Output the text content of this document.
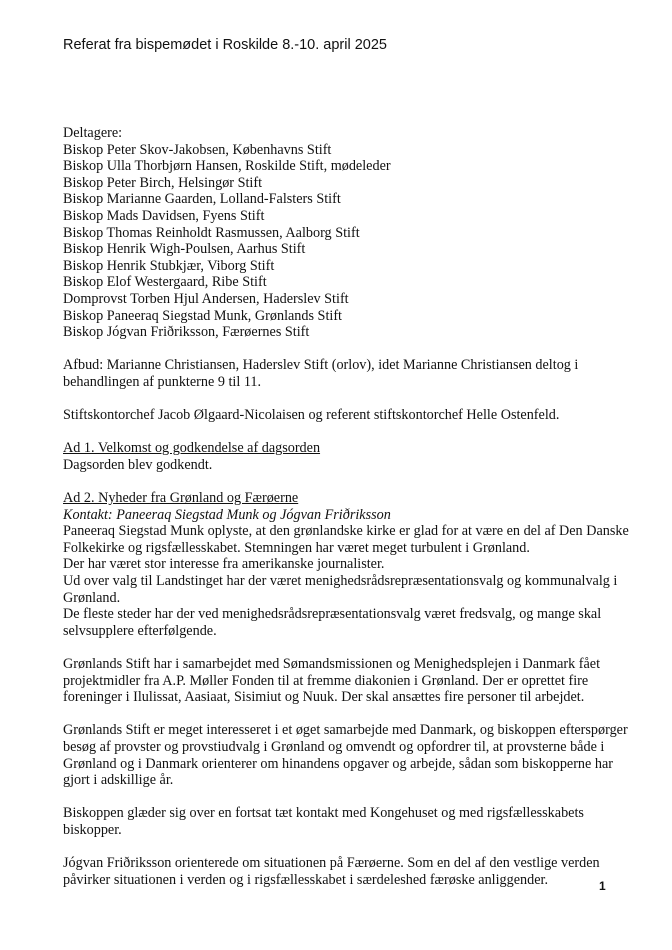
Referat fra bispemødet i Roskilde 8.-10. april 2025
Deltagere:
Biskop Peter Skov-Jakobsen, Københavns Stift
Biskop Ulla Thorbjørn Hansen, Roskilde Stift, mødeleder
Biskop Peter Birch, Helsingør Stift
Biskop Marianne Gaarden, Lolland-Falsters Stift
Biskop Mads Davidsen, Fyens Stift
Biskop Thomas Reinholdt Rasmussen, Aalborg Stift
Biskop Henrik Wigh-Poulsen, Aarhus Stift
Biskop Henrik Stubkjær, Viborg Stift
Biskop Elof Westergaard, Ribe Stift
Domprovst Torben Hjul Andersen, Haderslev Stift
Biskop Paneeraq Siegstad Munk, Grønlands Stift
Biskop Jógvan Friðriksson, Færøernes Stift
Afbud: Marianne Christiansen, Haderslev Stift (orlov), idet Marianne Christiansen deltog i
behandlingen af punkterne 9 til 11.
Stiftskontorchef Jacob Ølgaard-Nicolaisen og referent stiftskontorchef Helle Ostenfeld.
Ad 1. Velkomst og godkendelse af dagsorden
Dagsorden blev godkendt.
Ad 2. Nyheder fra Grønland og Færøerne
Kontakt: Paneeraq Siegstad Munk og Jógvan Friðriksson
Paneeraq Siegstad Munk oplyste, at den grønlandske kirke er glad for at være en del af Den Danske
Folkekirke og rigsfællesskabet. Stemningen har været meget turbulent i Grønland.
Der har været stor interesse fra amerikanske journalister.
Ud over valg til Landstinget har der været menighedsrådsrepræsentationsvalg og kommunalvalg i
Grønland.
De fleste steder har der ved menighedsrådsrepræsentationsvalg været fredsvalg, og mange skal
selvsupplere efterfølgende.
Grønlands Stift har i samarbejdet med Sømandsmissionen og Menighedsplejen i Danmark fået
projektmidler fra A.P. Møller Fonden til at fremme diakonien i Grønland. Der er oprettet fire
foreninger i Ilulissat, Aasiaat, Sisimiut og Nuuk. Der skal ansættes fire personer til arbejdet.
Grønlands Stift er meget interesseret i et øget samarbejde med Danmark, og biskoppen efterspørger
besøg af provster og provstiudvalg i Grønland og omvendt og opfordrer til, at provsterne både i
Grønland og i Danmark orienterer om hinandens opgaver og arbejde, sådan som biskopperne har
gjort i adskillige år.
Biskoppen glæder sig over en fortsat tæt kontakt med Kongehuset og med rigsfællesskabets
biskopper.
Jógvan Friðriksson orienterede om situationen på Færøerne. Som en del af den vestlige verden
påvirker situationen i verden og i rigsfællesskabet i særdeleshed færøske anliggender.	1
